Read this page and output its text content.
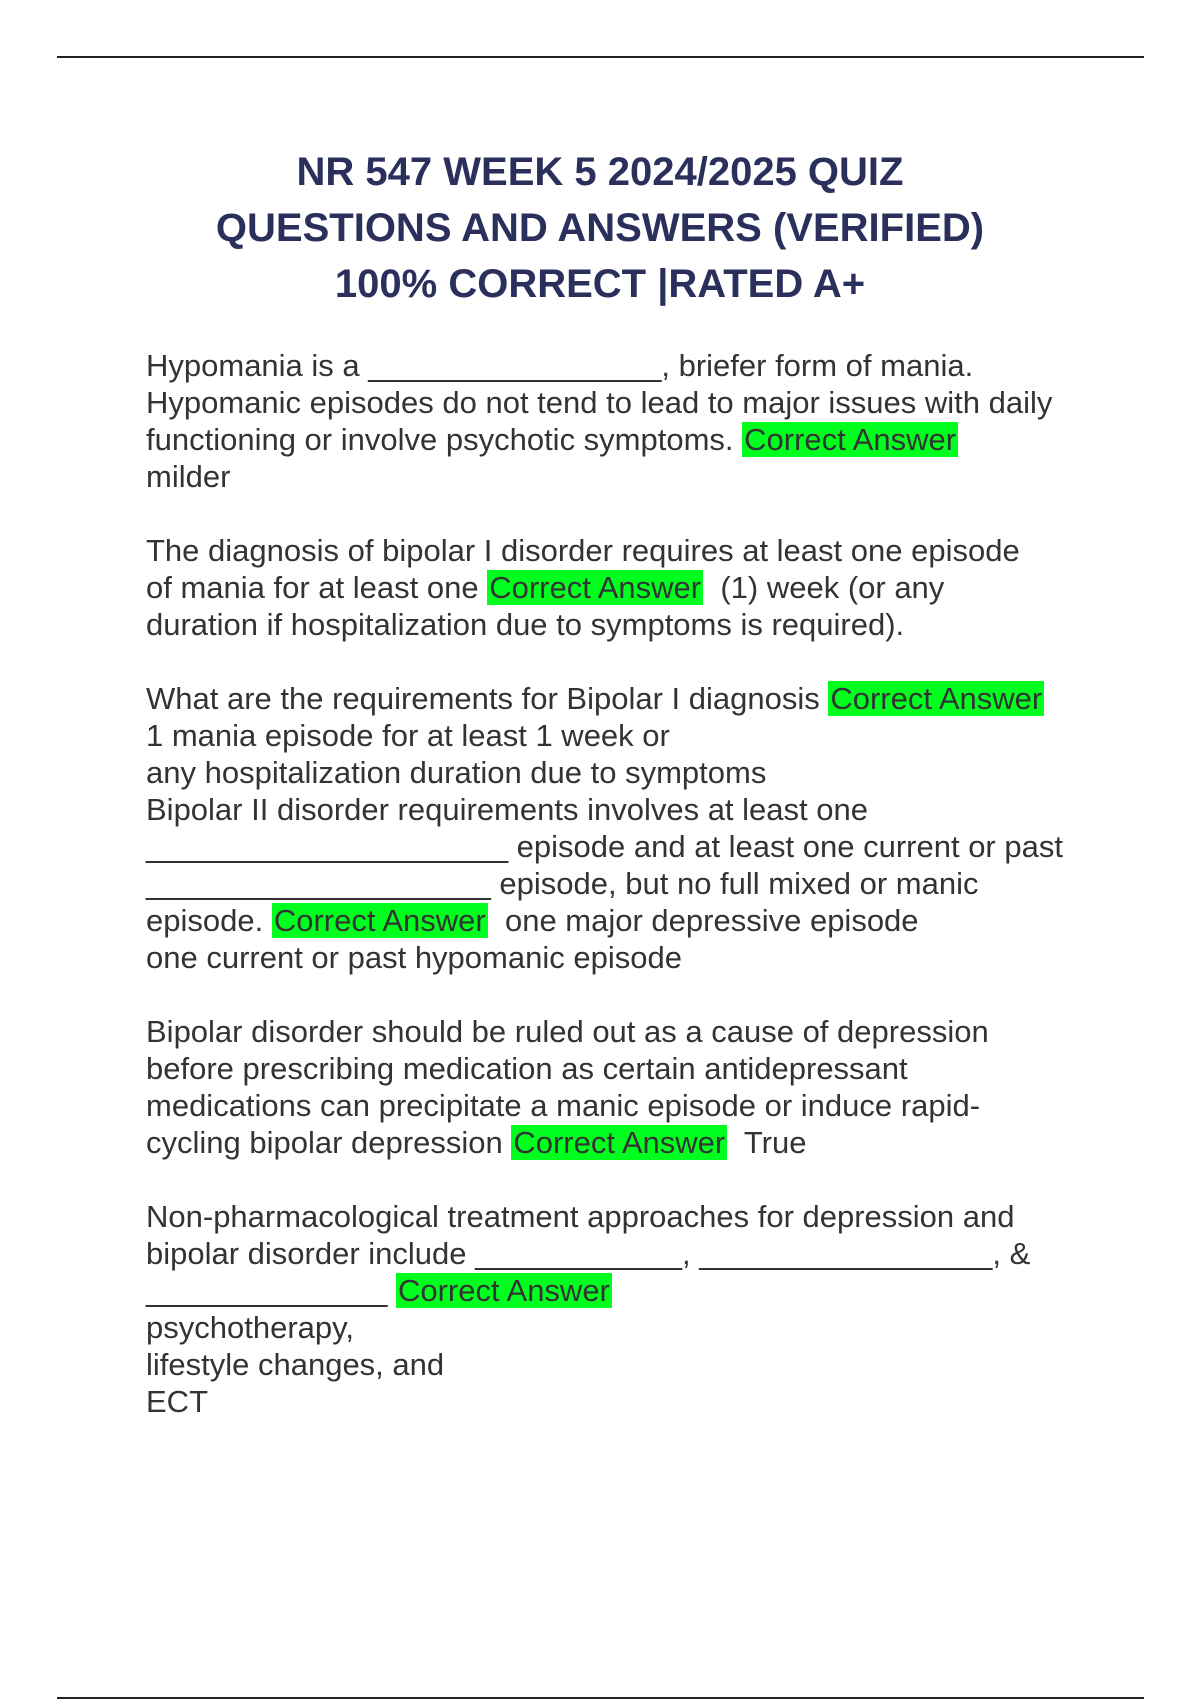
NR 547 WEEK 5 2024/2025 QUIZ
QUESTIONS AND ANSWERS (VERIFIED)
100% CORRECT |RATED A+

Hypomania is a _________________, briefer form of mania.
Hypomanic episodes do not tend to lead to major issues with daily
functioning or involve psychotic symptoms. Correct Answer
milder

The diagnosis of bipolar I disorder requires at least one episode
of mania for at least one Correct Answer  (1) week (or any
duration if hospitalization due to symptoms is required).

What are the requirements for Bipolar I diagnosis Correct Answer
1 mania episode for at least 1 week or
any hospitalization duration due to symptoms
Bipolar II disorder requirements involves at least one
_____________________ episode and at least one current or past
____________________ episode, but no full mixed or manic
episode. Correct Answer  one major depressive episode
one current or past hypomanic episode

Bipolar disorder should be ruled out as a cause of depression
before prescribing medication as certain antidepressant
medications can precipitate a manic episode or induce rapid-
cycling bipolar depression Correct Answer  True

Non-pharmacological treatment approaches for depression and
bipolar disorder include ____________, _________________, &
______________ Correct Answer
psychotherapy,
lifestyle changes, and
ECT
